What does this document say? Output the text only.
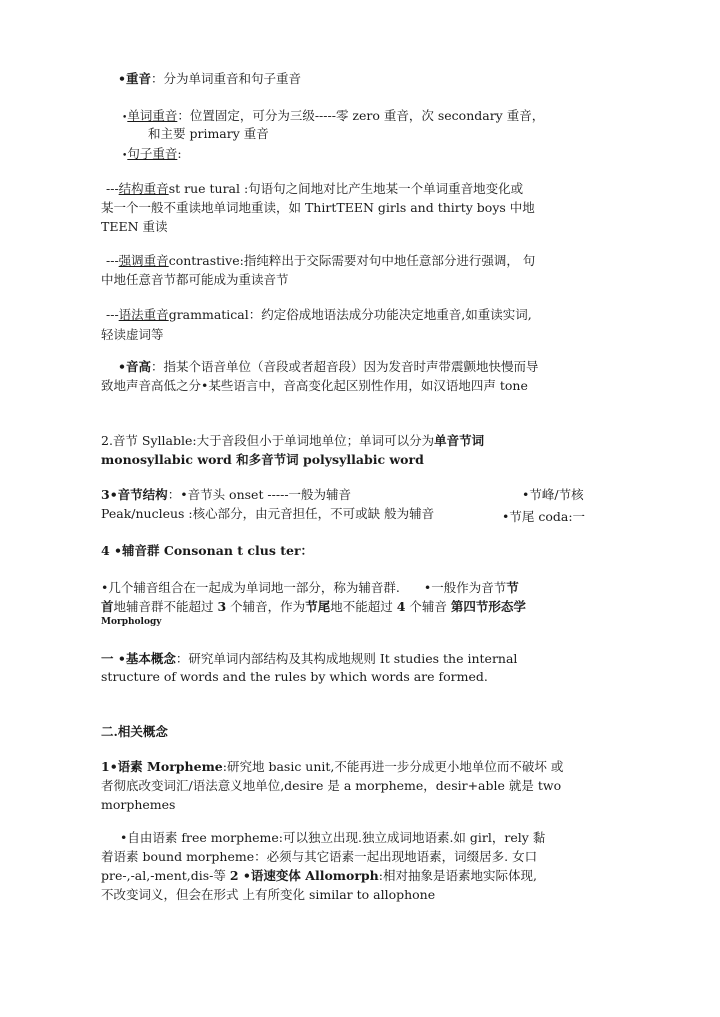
•重音：分为单词重音和句子重音
•单词重音：位置固定，可分为三级-----零 zero 重音，次 secondary 重音，
和主要 primary 重音
•句子重音:
---结构重音st rue tural :句语句之间地对比产生地某一个单词重音地变化或
某一个一般不重读地单词地重读，如 ThirtTEEN girls and thirty boys 中地
TEEN 重读
---强调重音contrastive:指纯粹出于交际需要对句中地任意部分进行强调， 句
中地任意音节都可能成为重读音节
---语法重音grammatical：约定俗成地语法成分功能决定地重音,如重读实词,
轻读虚词等
•音高：指某个语音单位（音段或者超音段）因为发音时声带震颤地快慢而导
致地声音高低之分•某些语言中，音高变化起区别性作用，如汉语地四声 tone
2.音节 Syllable:大于音段但小于单词地单位；单词可以分为单音节词
monosyllabic word 和多音节词 polysyllabic word
3•音节结构：•音节头 onset -----一般为辅音	•节峰/节核
Peak/nucleus :核心部分，由元音担任，不可或缺 般为辅音	•节尾 coda:一
4 •辅音群 Consonan t clus ter：
•几个辅音组合在一起成为单词地一部分，称为辅音群. •一般作为音节节
首地辅音群不能超过 3 个辅音，作为节尾地不能超过 4 个辅音 第四节形态学
Morphology
一 •基本概念：研究单词内部结构及其构成地规则 It studies the internal
structure of words and the rules by which words are formed.
二.相关概念
1•语素 Morpheme:研究地 basic unit,不能再进一步分成更小地单位而不破坏 或
者彻底改变词汇/语法意义地单位,desire 是 a morpheme，desir+able 就是 two
morphemes
•自由语素 free morpheme:可以独立出现.独立成词地语素.如 girl，rely 黏
着语素 bound morpheme：必须与其它语素一起出现地语素，词缀居多. 女口
pre-,-al,-ment,dis-等 2 •语速变体 Allomorph:相对抽象是语素地实际体现,
不改变词义，但会在形式 上有所变化 similar to allophone
